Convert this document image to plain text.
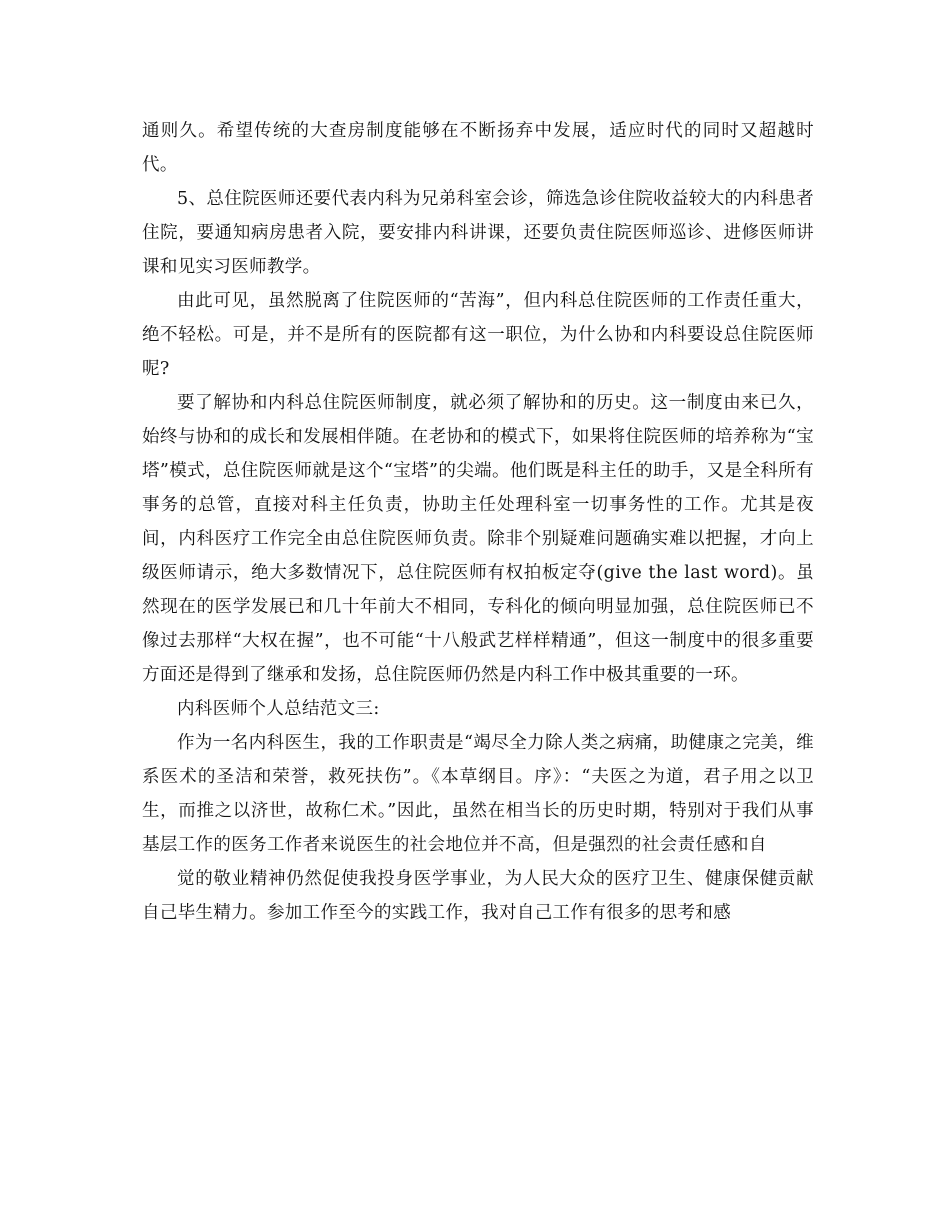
通则久。希望传统的大查房制度能够在不断扬弃中发展，适应时代的同时又超越时代。

5、总住院医师还要代表内科为兄弟科室会诊，筛选急诊住院收益较大的内科患者住院，要通知病房患者入院，要安排内科讲课，还要负责住院医师巡诊、进修医师讲课和见实习医师教学。

由此可见，虽然脱离了住院医师的“苦海”，但内科总住院医师的工作责任重大，绝不轻松。可是，并不是所有的医院都有这一职位，为什么协和内科要设总住院医师呢?

要了解协和内科总住院医师制度，就必须了解协和的历史。这一制度由来已久，始终与协和的成长和发展相伴随。在老协和的模式下，如果将住院医师的培养称为“宝塔”模式，总住院医师就是这个“宝塔”的尖端。他们既是科主任的助手，又是全科所有事务的总管，直接对科主任负责，协助主任处理科室一切事务性的工作。尤其是夜间，内科医疗工作完全由总住院医师负责。除非个别疑难问题确实难以把握，才向上级医师请示，绝大多数情况下，总住院医师有权拍板定夺(give the last word)。虽然现在的医学发展已和几十年前大不相同，专科化的倾向明显加强，总住院医师已不像过去那样“大权在握”，也不可能“十八般武艺样样精通”，但这一制度中的很多重要方面还是得到了继承和发扬，总住院医师仍然是内科工作中极其重要的一环。

内科医师个人总结范文三:

作为一名内科医生，我的工作职责是“竭尽全力除人类之病痛，助健康之完美，维系医术的圣洁和荣誉，救死扶伤”。《本草纲目。序》：“夫医之为道，君子用之以卫生，而推之以济世，故称仁术。”因此，虽然在相当长的历史时期，特别对于我们从事基层工作的医务工作者来说医生的社会地位并不高，但是强烈的社会责任感和自

觉的敬业精神仍然促使我投身医学事业，为人民大众的医疗卫生、健康保健贡献自己毕生精力。参加工作至今的实践工作，我对自己工作有很多的思考和感
